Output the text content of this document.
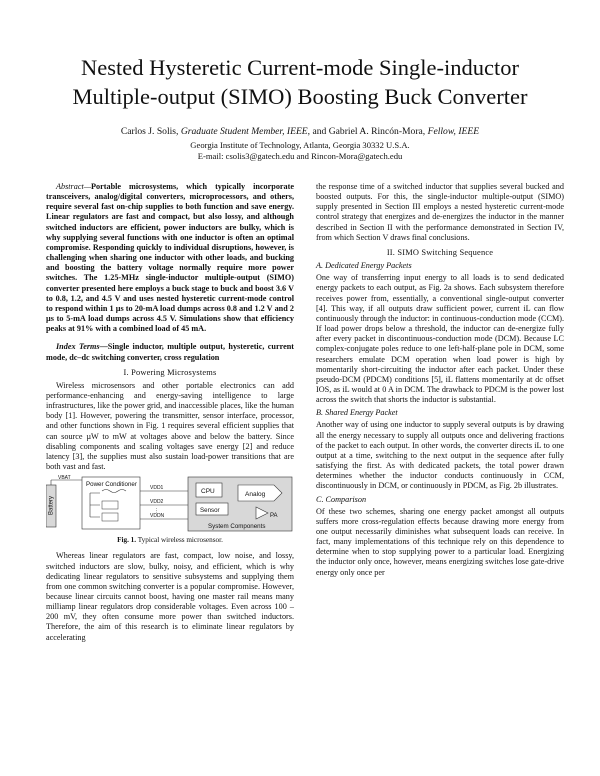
Nested Hysteretic Current-mode Single-inductor
Multiple-output (SIMO) Boosting Buck Converter
Carlos J. Solis, Graduate Student Member, IEEE, and Gabriel A. Rincón-Mora, Fellow, IEEE
Georgia Institute of Technology, Atlanta, Georgia 30332 U.S.A.
E-mail: csolis3@gatech.edu and Rincon-Mora@gatech.edu

Abstract—Portable microsystems, which typically incorporate transceivers, analog/digital converters, microprocessors, and others, require several fast on-chip supplies to both function and save energy. Linear regulators are fast and compact, but also lossy, and although switched inductors are efficient, power inductors are bulky, which is why supplying several functions with one inductor is often an optimal compromise. Responding quickly to individual disruptions, however, is challenging when sharing one inductor with other loads, and bucking and boosting the battery voltage normally require more power switches. The 1.25-MHz single-inductor multiple-output (SIMO) converter presented here employs a buck stage to buck and boost 3.6 V to 0.8, 1.2, and 4.5 V and uses nested hysteretic current-mode control to respond within 1 µs to 20-mA load dumps across 0.8 and 1.2 V and 2 µs to 5-mA load dumps across 4.5 V. Simulations show that efficiency peaks at 91% with a combined load of 45 mA.

Index Terms—Single inductor, multiple output, hysteretic, current mode, dc–dc switching converter, cross regulation

I. Powering Microsystems

Wireless microsensors and other portable electronics can add performance-enhancing and energy-saving intelligence to large infrastructures, like the power grid, and inaccessible places, like the human body [1]. However, powering the transmitter, sensor interface, processor, and other functions shown in Fig. 1 requires several efficient supplies that can source µW to mW at voltages above and below the battery. Since disabling components and scaling voltages save energy [2] and reduce latency [3], the supplies must also sustain load-power transitions that are both vast and fast.

Battery
VBAT
Power Conditioner	VDD1
VDD2
VDDN
⋮
CPU
Sensor
Analog
PA
System Components

Fig. 1. Typical wireless microsensor.

Whereas linear regulators are fast, compact, low noise, and lossy, switched inductors are slow, bulky, noisy, and efficient, which is why dedicating linear regulators to sensitive subsystems and supplying them from one common switching converter is a popular compromise. However, because linear circuits cannot boost, having one master rail means many milliamp linear regulators drop considerable voltages. Even across 100 – 200 mV, they often consume more power than switched inductors. Therefore, the aim of this research is to eliminate linear regulators by accelerating

the response time of a switched inductor that supplies several bucked and boosted outputs. For this, the single-inductor multiple-output (SIMO) supply presented in Section III employs a nested hysteretic current-mode control strategy that energizes and de-energizes the inductor in the manner described in Section II with the performance demonstrated in Section IV, from which Section V draws final conclusions.

II. SIMO Switching Sequence

A. Dedicated Energy Packets

One way of transferring input energy to all loads is to send dedicated energy packets to each output, as Fig. 2a shows. Each subsystem therefore receives power from, essentially, a conventional single-output converter [4]. This way, if all outputs draw sufficient power, current iL can flow continuously through the inductor: in continuous-conduction mode (CCM). If load power drops below a threshold, the inductor can de-energize fully after every packet in discontinuous-conduction mode (DCM). Because LC complex-conjugate poles reduce to one left-half-plane pole in DCM, some researchers emulate DCM operation when load power is high by momentarily short-circuiting the inductor after each packet. Under these pseudo-DCM (PDCM) conditions [5], iL flattens momentarily at dc offset IOS, as iL would at 0 A in DCM. The drawback to PDCM is the power lost across the switch that shorts the inductor is substantial.

B. Shared Energy Packet

Another way of using one inductor to supply several outputs is by drawing all the energy necessary to supply all outputs once and delivering fractions of the packet to each output. In other words, the converter directs iL to one output at a time, switching to the next output in the sequence after fully satisfying the first. As with dedicated packets, the total power drawn determines whether the inductor conducts continuously in CCM, discontinuously in DCM, or continuously in PDCM, as Fig. 2b illustrates.

C. Comparison

Of these two schemes, sharing one energy packet amongst all outputs suffers more cross-regulation effects because drawing more energy from one output necessarily diminishes what subsequent loads can receive. In fact, many implementations of this technique rely on this dependence to determine when to stop supplying power to a particular load. Energizing the inductor only once, however, means energizing switches lose gate-drive energy only once per
